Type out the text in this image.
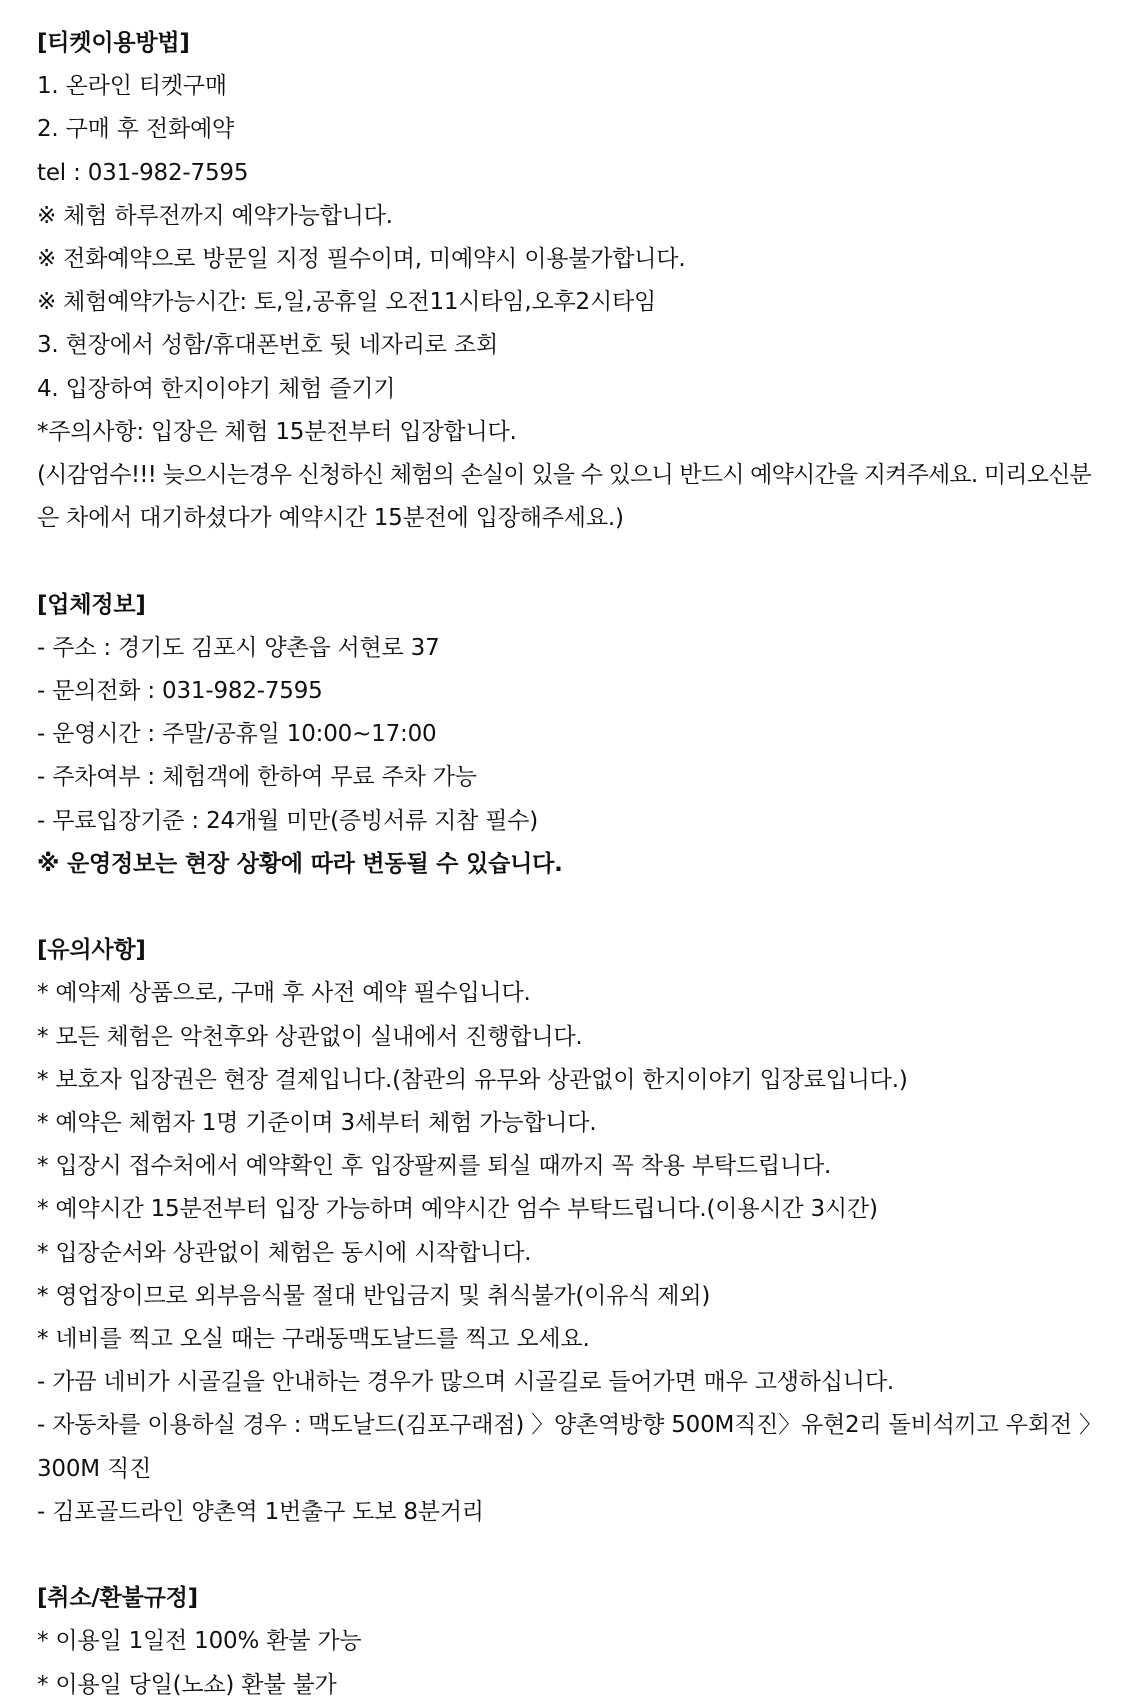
[티켓이용방법]
1. 온라인 티켓구매
2. 구매 후 전화예약
tel : 031-982-7595
※ 체험 하루전까지 예약가능합니다.
※ 전화예약으로 방문일 지정 필수이며, 미예약시 이용불가합니다.
※ 체험예약가능시간: 토,일,공휴일 오전11시타임,오후2시타임
3. 현장에서 성함/휴대폰번호 뒷 네자리로 조회
4. 입장하여 한지이야기 체험 즐기기
*주의사항: 입장은 체험 15분전부터 입장합니다.
(시감엄수!!! 늦으시는경우 신청하신 체험의 손실이 있을 수 있으니 반드시 예약시간을 지켜주세요. 미리오신분
은 차에서 대기하셨다가 예약시간 15분전에 입장해주세요.)
[업체정보]
- 주소 : 경기도 김포시 양촌읍 서현로 37
- 문의전화 : 031-982-7595
- 운영시간 : 주말/공휴일 10:00~17:00
- 주차여부 : 체험객에 한하여 무료 주차 가능
- 무료입장기준 : 24개월 미만(증빙서류 지참 필수)
※ 운영정보는 현장 상황에 따라 변동될 수 있습니다.
[유의사항]
* 예약제 상품으로, 구매 후 사전 예약 필수입니다.
* 모든 체험은 악천후와 상관없이 실내에서 진행합니다.
* 보호자 입장권은 현장 결제입니다.(참관의 유무와 상관없이 한지이야기 입장료입니다.)
* 예약은 체험자 1명 기준이며 3세부터 체험 가능합니다.
* 입장시 접수처에서 예약확인 후 입장팔찌를 퇴실 때까지 꼭 착용 부탁드립니다.
* 예약시간 15분전부터 입장 가능하며 예약시간 엄수 부탁드립니다.(이용시간 3시간)
* 입장순서와 상관없이 체험은 동시에 시작합니다.
* 영업장이므로 외부음식물 절대 반입금지 및 취식불가(이유식 제외)
* 네비를 찍고 오실 때는 구래동맥도날드를 찍고 오세요.
- 가끔 네비가 시골길을 안내하는 경우가 많으며 시골길로 들어가면 매우 고생하십니다.
- 자동차를 이용하실 경우 : 맥도날드(김포구래점) 〉양촌역방향 500M직진〉유현2리 돌비석끼고 우회전 〉
300M 직진
- 김포골드라인 양촌역 1번출구 도보 8분거리
[취소/환불규정]
* 이용일 1일전 100% 환불 가능
* 이용일 당일(노쇼) 환불 불가
